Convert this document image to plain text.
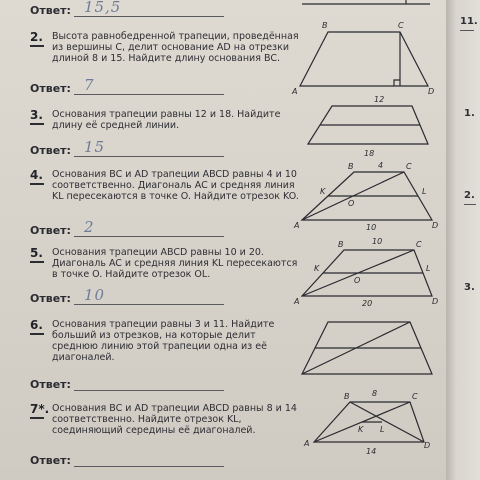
Ответ: 15,5
2. Высота равнобедренной трапеции, проведённая из вершины C, делит основание AD на отрезки длиной 8 и 15. Найдите длину основания BC.
Ответ: 7
3. Основания трапеции равны 12 и 18. Найдите длину её средней линии.
Ответ: 15
4. Основания BC и AD трапеции ABCD равны 4 и 10 соответственно. Диагональ AC и средняя линия KL пересекаются в точке O. Найдите отрезок KO.
Ответ: 2
5. Основания трапеции ABCD равны 10 и 20. Диагональ AC и средняя линия KL пересекаются в точке O. Найдите отрезок OL.
Ответ: 10
6. Основания трапеции равны 3 и 11. Найдите больший из отрезков, на которые делит среднюю линию этой трапеции одна из её диагоналей.
Ответ:
7*. Основания BC и AD трапеции ABCD равны 8 и 14 соответственно. Найдите отрезок KL, соединяющий середины её диагоналей.
Ответ:
B	C
A	D
12
18
4
B	C
A	D
K	L
O
10
10
B	C
A	D
K	L
O
20
8
B	C
A	D
K L
14
11.
1.
2.
3.
